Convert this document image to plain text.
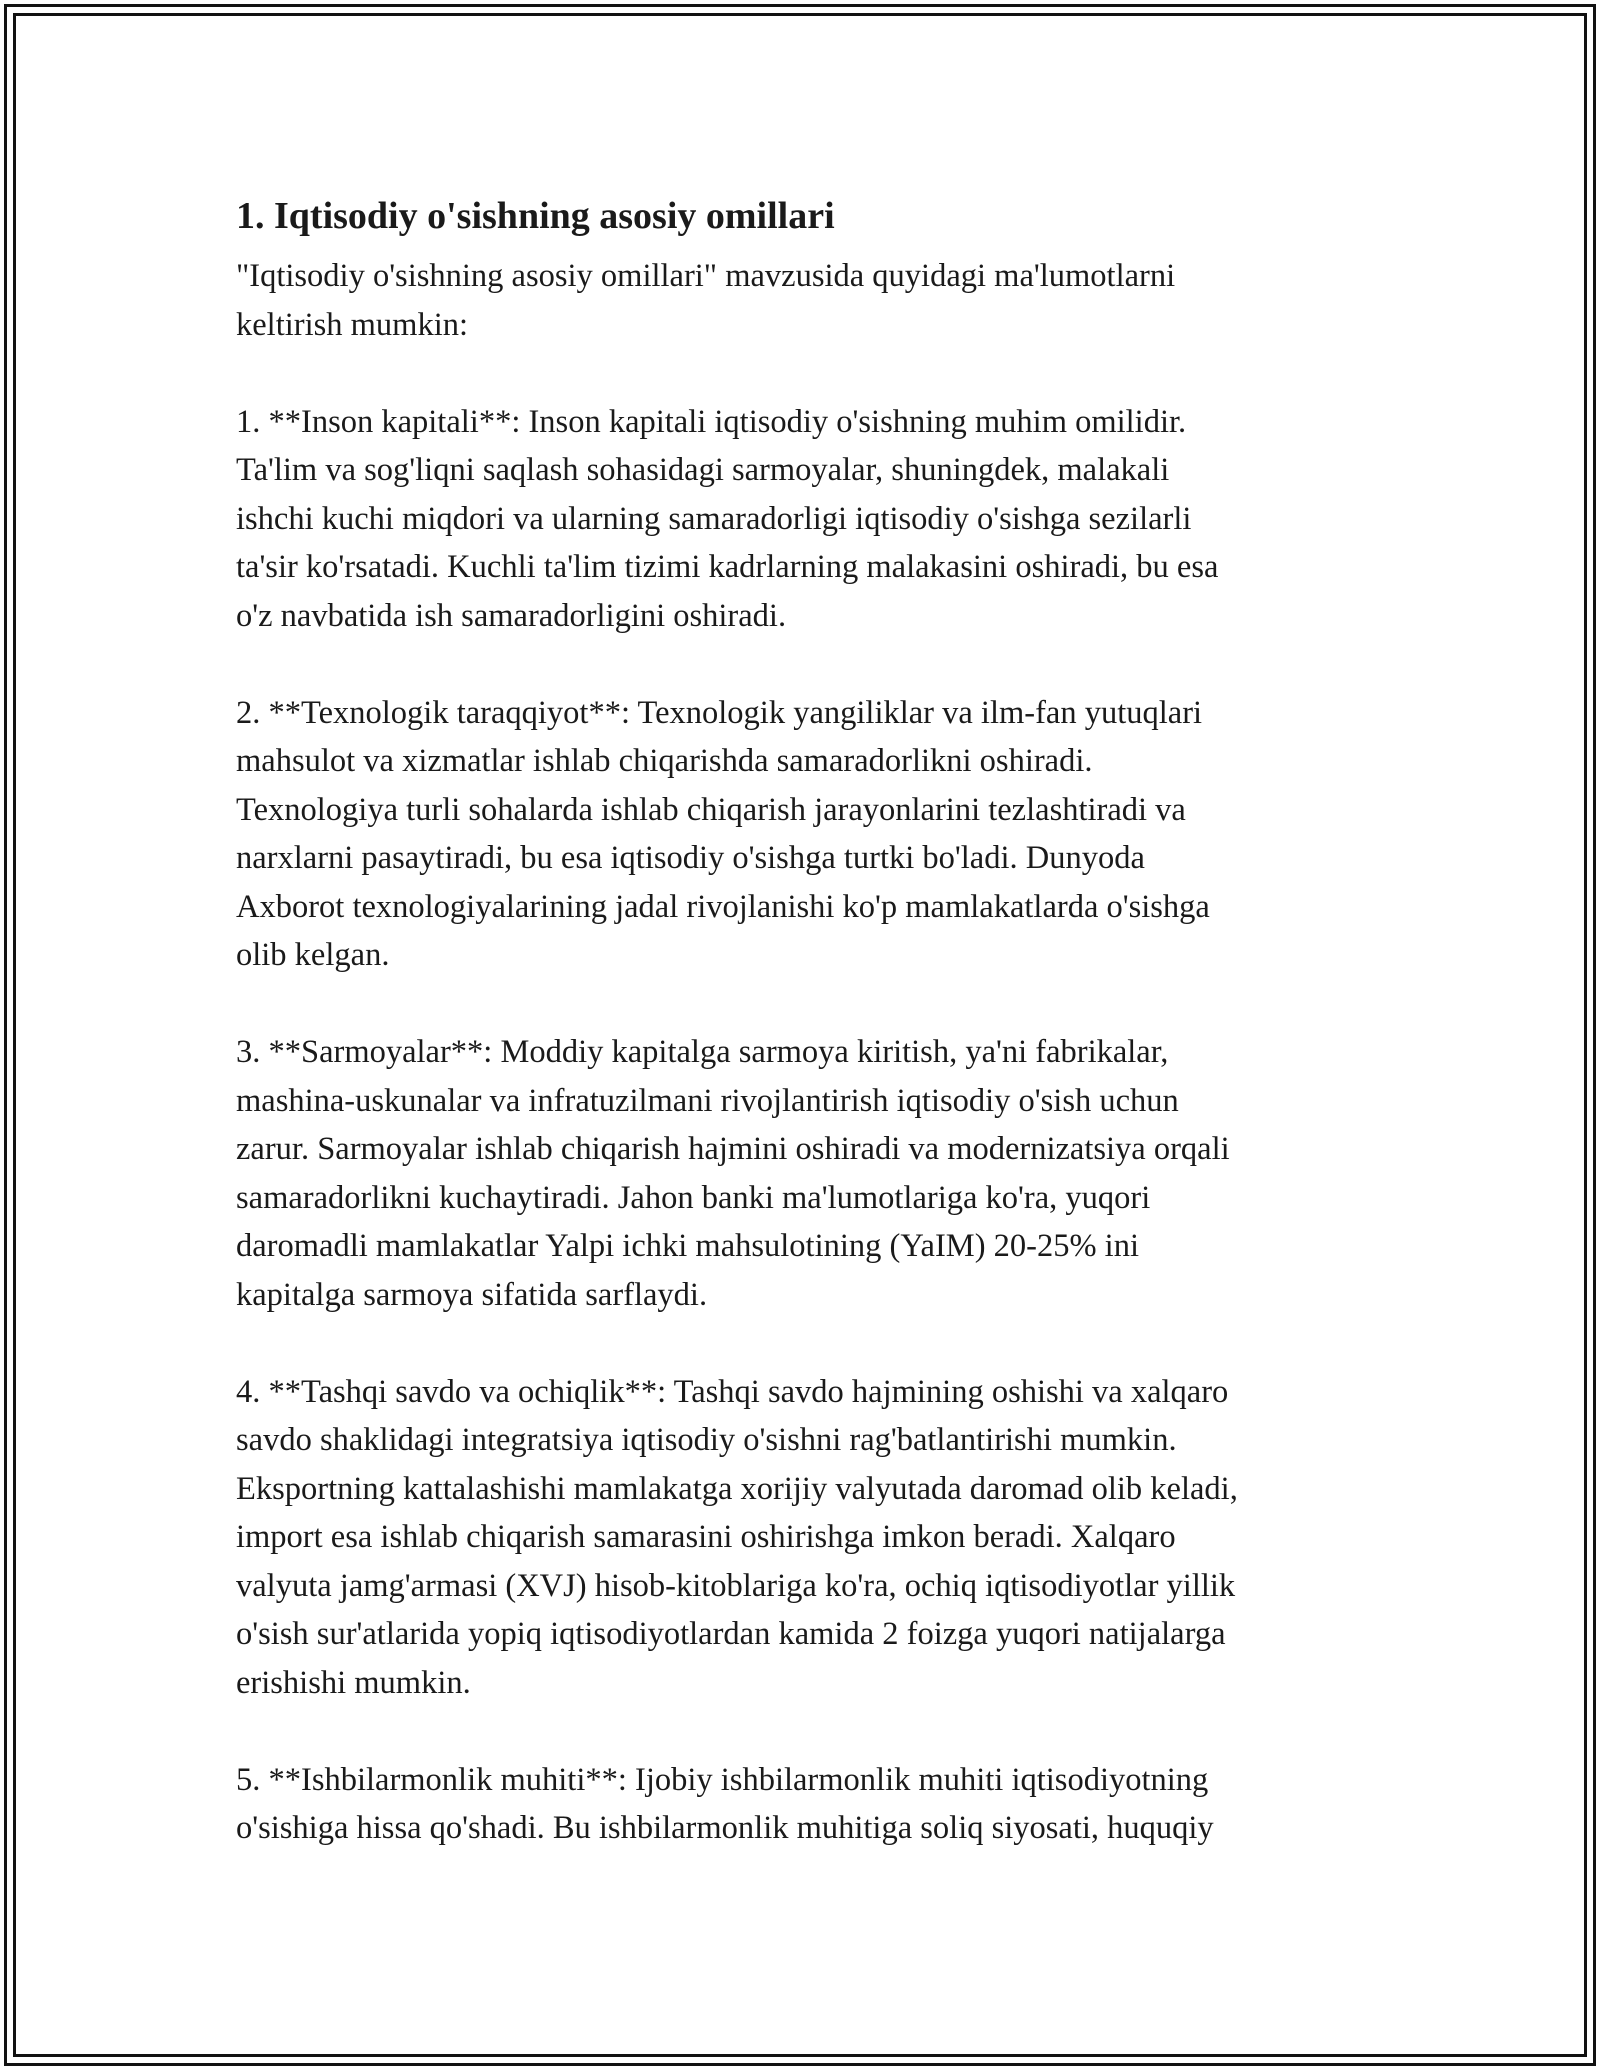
1. Iqtisodiy o'sishning asosiy omillari

"Iqtisodiy o'sishning asosiy omillari" mavzusida quyidagi ma'lumotlarni
keltirish mumkin:

1. **Inson kapitali**: Inson kapitali iqtisodiy o'sishning muhim omilidir.
Ta'lim va sog'liqni saqlash sohasidagi sarmoyalar, shuningdek, malakali
ishchi kuchi miqdori va ularning samaradorligi iqtisodiy o'sishga sezilarli
ta'sir ko'rsatadi. Kuchli ta'lim tizimi kadrlarning malakasini oshiradi, bu esa
o'z navbatida ish samaradorligini oshiradi.

2. **Texnologik taraqqiyot**: Texnologik yangiliklar va ilm-fan yutuqlari
mahsulot va xizmatlar ishlab chiqarishda samaradorlikni oshiradi.
Texnologiya turli sohalarda ishlab chiqarish jarayonlarini tezlashtiradi va
narxlarni pasaytiradi, bu esa iqtisodiy o'sishga turtki bo'ladi. Dunyoda
Axborot texnologiyalarining jadal rivojlanishi ko'p mamlakatlarda o'sishga
olib kelgan.

3. **Sarmoyalar**: Moddiy kapitalga sarmoya kiritish, ya'ni fabrikalar,
mashina-uskunalar va infratuzilmani rivojlantirish iqtisodiy o'sish uchun
zarur. Sarmoyalar ishlab chiqarish hajmini oshiradi va modernizatsiya orqali
samaradorlikni kuchaytiradi. Jahon banki ma'lumotlariga ko'ra, yuqori
daromadli mamlakatlar Yalpi ichki mahsulotining (YaIM) 20-25% ini
kapitalga sarmoya sifatida sarflaydi.

4. **Tashqi savdo va ochiqlik**: Tashqi savdo hajmining oshishi va xalqaro
savdo shaklidagi integratsiya iqtisodiy o'sishni rag'batlantirishi mumkin.
Eksportning kattalashishi mamlakatga xorijiy valyutada daromad olib keladi,
import esa ishlab chiqarish samarasini oshirishga imkon beradi. Xalqaro
valyuta jamg'armasi (XVJ) hisob-kitoblariga ko'ra, ochiq iqtisodiyotlar yillik
o'sish sur'atlarida yopiq iqtisodiyotlardan kamida 2 foizga yuqori natijalarga
erishishi mumkin.

5. **Ishbilarmonlik muhiti**: Ijobiy ishbilarmonlik muhiti iqtisodiyotning
o'sishiga hissa qo'shadi. Bu ishbilarmonlik muhitiga soliq siyosati, huquqiy
